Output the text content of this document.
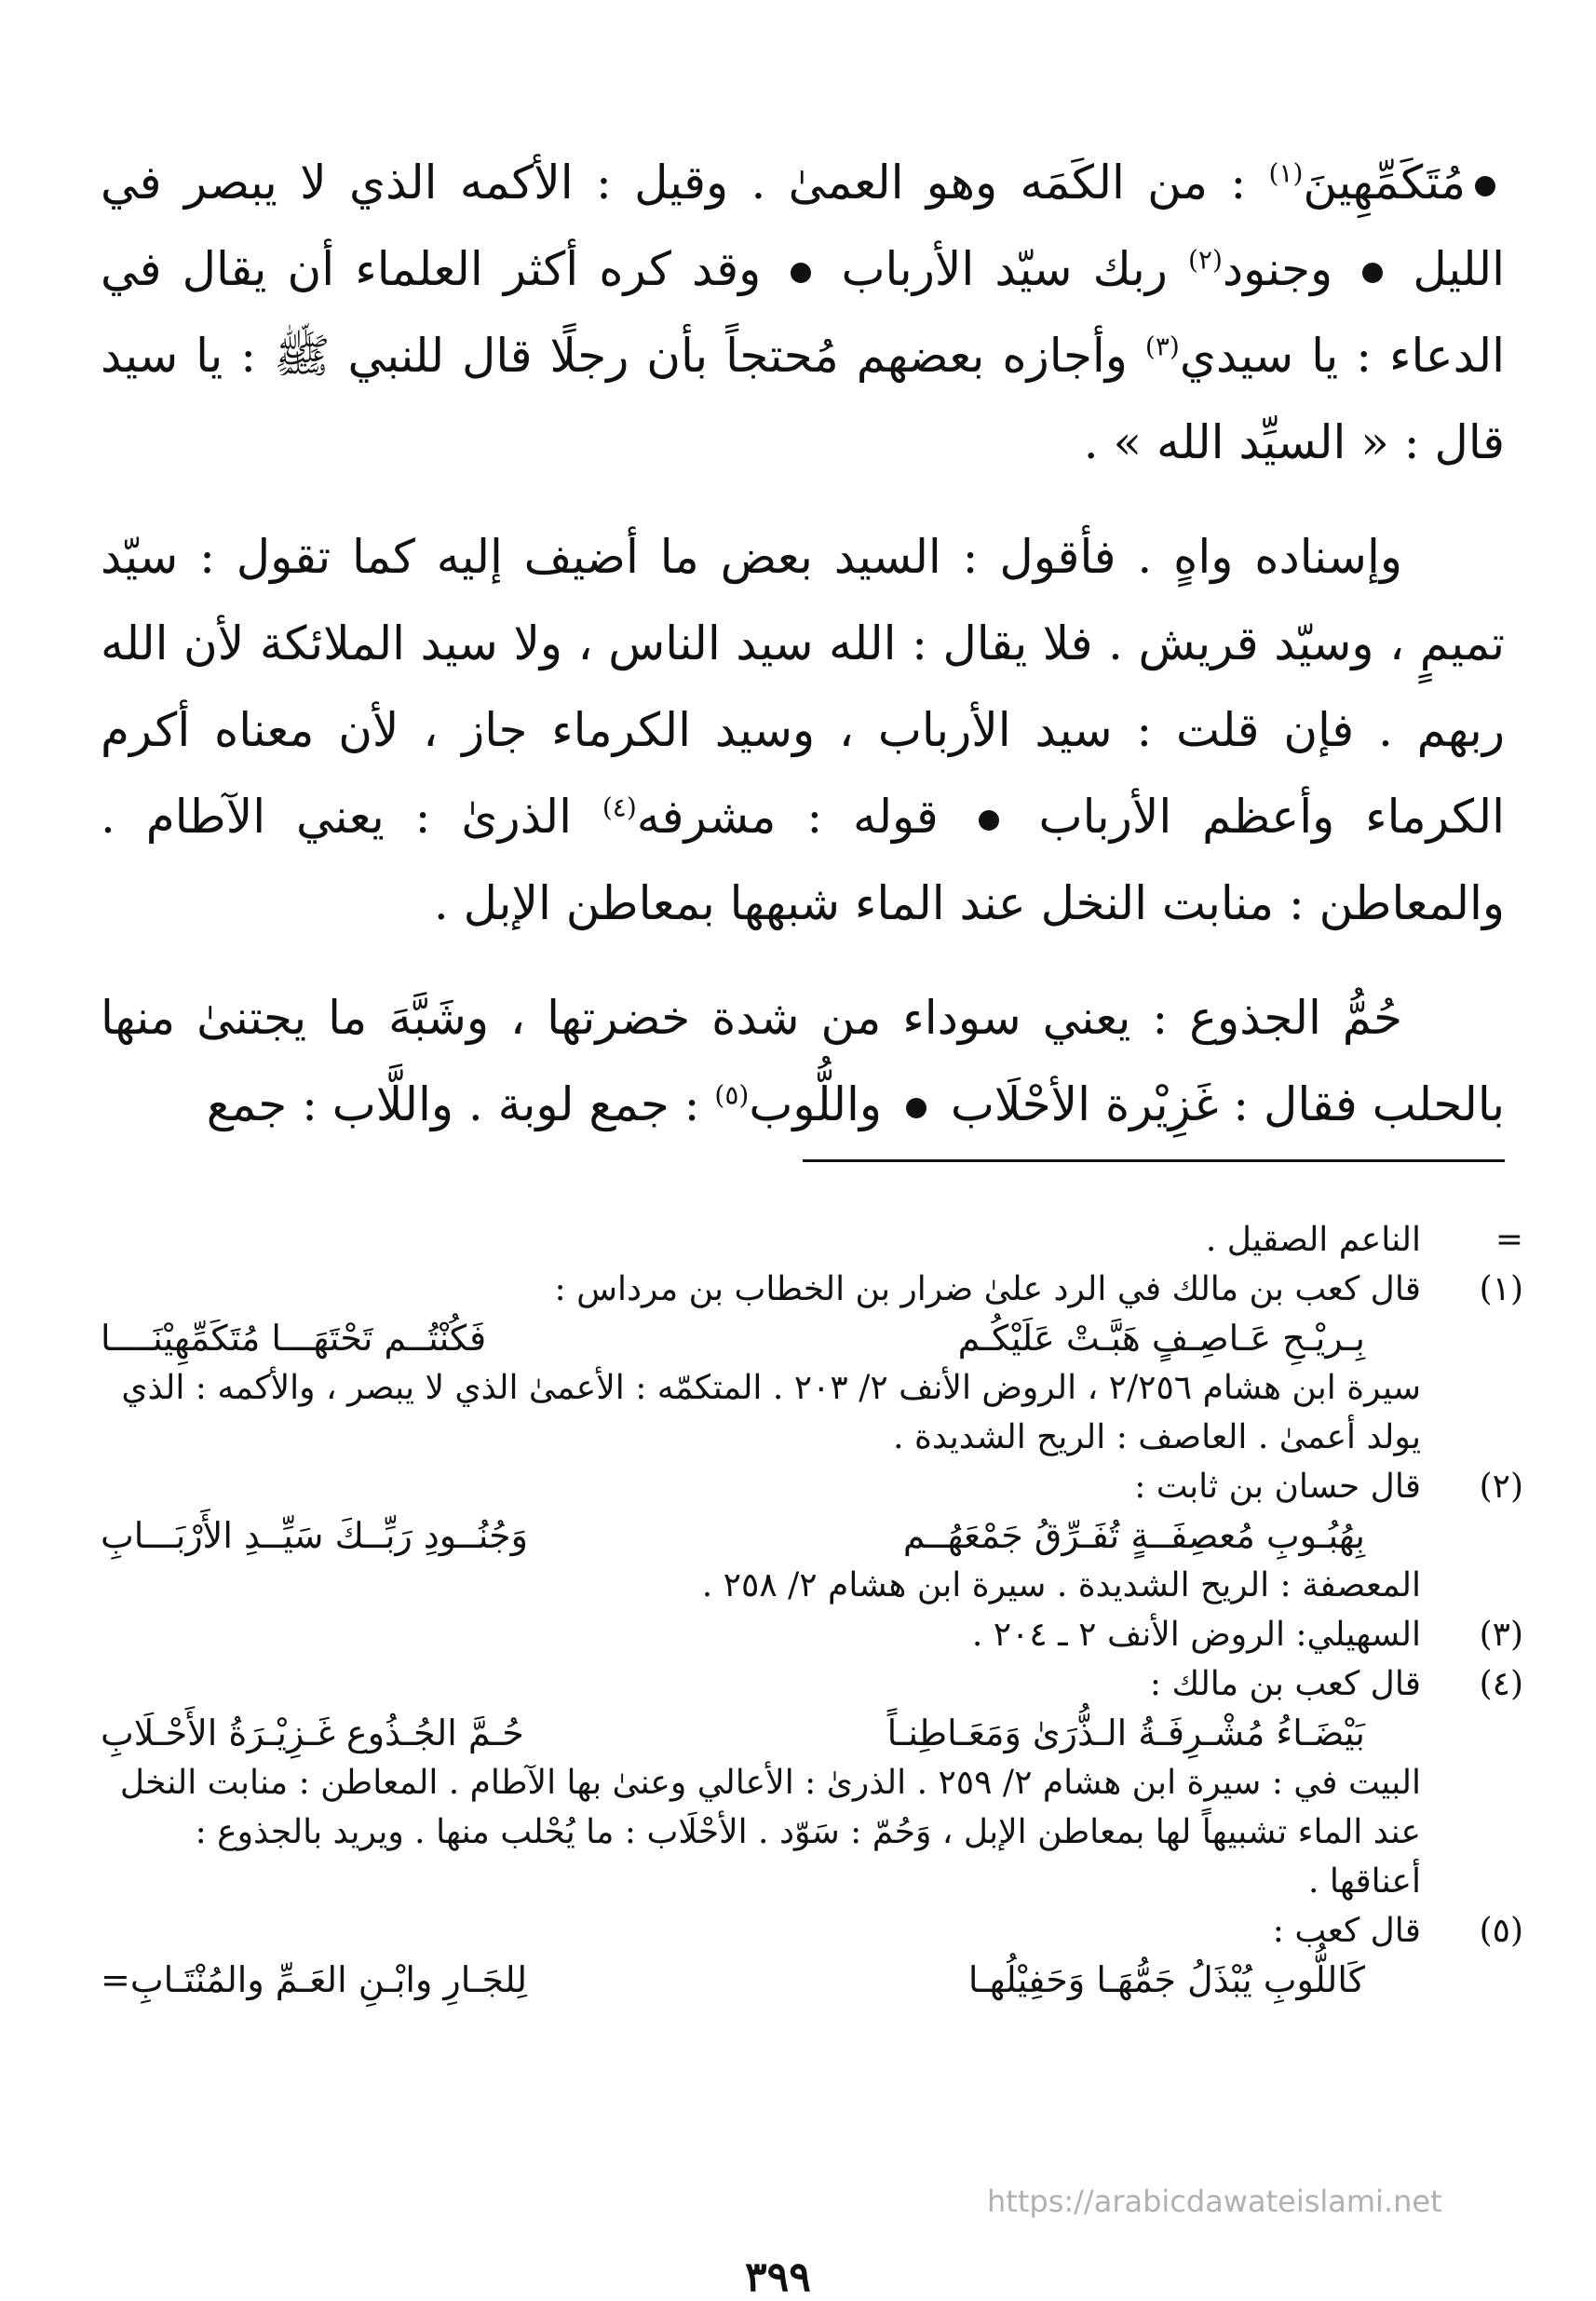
مُتَكَمِّهِينَ$^{(١)}$ : من الكَمَه وهو العمىٰ . وقيل : الأكمه الذي لا يبصر في الليل  وجنود$^{(٢)}$ ربك سيّد الأرباب  وقد كره أكثر العلماء أن يقال في الدعاء : يا سيدي$^{(٣)}$ وأجازه بعضهم مُحتجاً بأن رجلًا قال للنبي ﷺ : يا سيد قال : « السيِّد الله » .

وإسناده واهٍ . فأقول : السيد بعض ما أضيف إليه كما تقول : سيّد تميمٍ ، وسيّد قريش . فلا يقال : الله سيد الناس ، ولا سيد الملائكة لأن الله ربهم . فإن قلت : سيد الأرباب ، وسيد الكرماء جاز ، لأن معناه أكرم الكرماء وأعظم الأرباب  قوله : مشرفه$^{(٤)}$ الذرىٰ : يعني الآطام . والمعاطن : منابت النخل عند الماء شبهها بمعاطن الإبل .

حُمُّ الجذوع : يعني سوداء من شدة خضرتها ، وشَبَّهَ ما يجتنىٰ منها بالحلب فقال : غَزِيْرة الأحْلَاب  واللُّوب$^{(٥)}$ : جمع لوبة . واللَّاب : جمع

=
الناعم الصقيل .
(١)
قال كعب بن مالك في الرد علىٰ ضرار بن الخطاب بن مرداس :
بِـريْـحِ عَـاصِـفٍ هَبَّـتْ عَلَيْكُـم
فَكُنْتُــم تَحْتَهَـــا مُتَكَمِّهِيْنَــــا
سيرة ابن هشام ٢/٢٥٦ ، الروض الأنف ٢/ ٢٠٣ . المتكمّه : الأعمىٰ الذي لا يبصر ، والأكمه : الذي يولد أعمىٰ . العاصف : الريح الشديدة .
(٢)
قال حسان بن ثابت :
بِهُبُـوبِ مُعصِفَــةٍ تُفَـرِّقُ جَمْعَهُــم
وَجُنُــودِ رَبِّــكَ سَيِّــدِ الأَرْبَـــابِ
المعصفة : الريح الشديدة . سيرة ابن هشام ٢/ ٢٥٨ .
(٣)
السهيلي: الروض الأنف ٢ ـ ٢٠٤ .
(٤)
قال كعب بن مالك :
بَيْضَـاءُ مُشْـرِفَـةُ الـذُّرَىٰ وَمَعَـاطِنـاً
حُـمَّ الجُـذُوع غَـزِيْـرَةُ الأَحْـلَابِ
البيت في : سيرة ابن هشام ٢/ ٢٥٩ . الذرىٰ : الأعالي وعنىٰ بها الآطام . المعاطن : منابت النخل عند الماء تشبيهاً لها بمعاطن الإبل ، وَحُمّ : سَوّد . الأحْلَاب : ما يُحْلب منها . ويريد بالجذوع : أعناقها .
(٥)
قال كعب :
كَاللُّوبِ يُبْذَلُ جَمُّهَـا وَحَفِيْلُهـا
لِلجَـارِ وابْـنِ العَـمِّ والمُنْتَـابِ=
https://arabicdawateislami.net
٣٩٩
